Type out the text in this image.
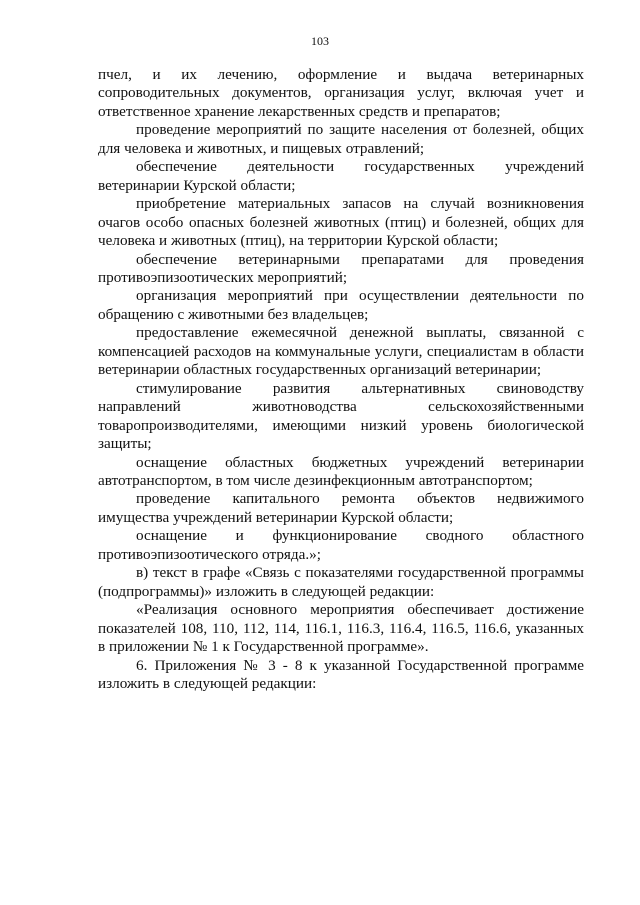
103

пчел, и их лечению, оформление и выдача ветеринарных сопроводительных документов, организация услуг, включая учет и ответственное хранение лекарственных средств и препаратов;

проведение мероприятий по защите населения от болезней, общих для человека и животных, и пищевых отравлений;

обеспечение деятельности государственных учреждений ветеринарии Курской области;

приобретение материальных запасов на случай возникновения очагов особо опасных болезней животных (птиц) и болезней, общих для человека и животных (птиц), на территории Курской области;

обеспечение ветеринарными препаратами для проведения противоэпизоотических мероприятий;

организация мероприятий при осуществлении деятельности по обращению с животными без владельцев;

предоставление ежемесячной денежной выплаты, связанной с компенсацией расходов на коммунальные услуги, специалистам в области ветеринарии областных государственных организаций ветеринарии;

стимулирование развития альтернативных свиноводству направлений животноводства сельскохозяйственными товаропроизводителями, имеющими низкий уровень биологической защиты;

оснащение областных бюджетных учреждений ветеринарии автотранспортом, в том числе дезинфекционным автотранспортом;

проведение капитального ремонта объектов недвижимого имущества учреждений ветеринарии Курской области;

оснащение и функционирование сводного областного противоэпизоотического отряда.»;

в) текст в графе «Связь с показателями государственной программы (подпрограммы)» изложить в следующей редакции:

«Реализация основного мероприятия обеспечивает достижение показателей 108, 110, 112, 114, 116.1, 116.3, 116.4, 116.5, 116.6, указанных в приложении № 1 к Государственной программе».

6. Приложения № 3 - 8 к указанной Государственной программе изложить в следующей редакции:
